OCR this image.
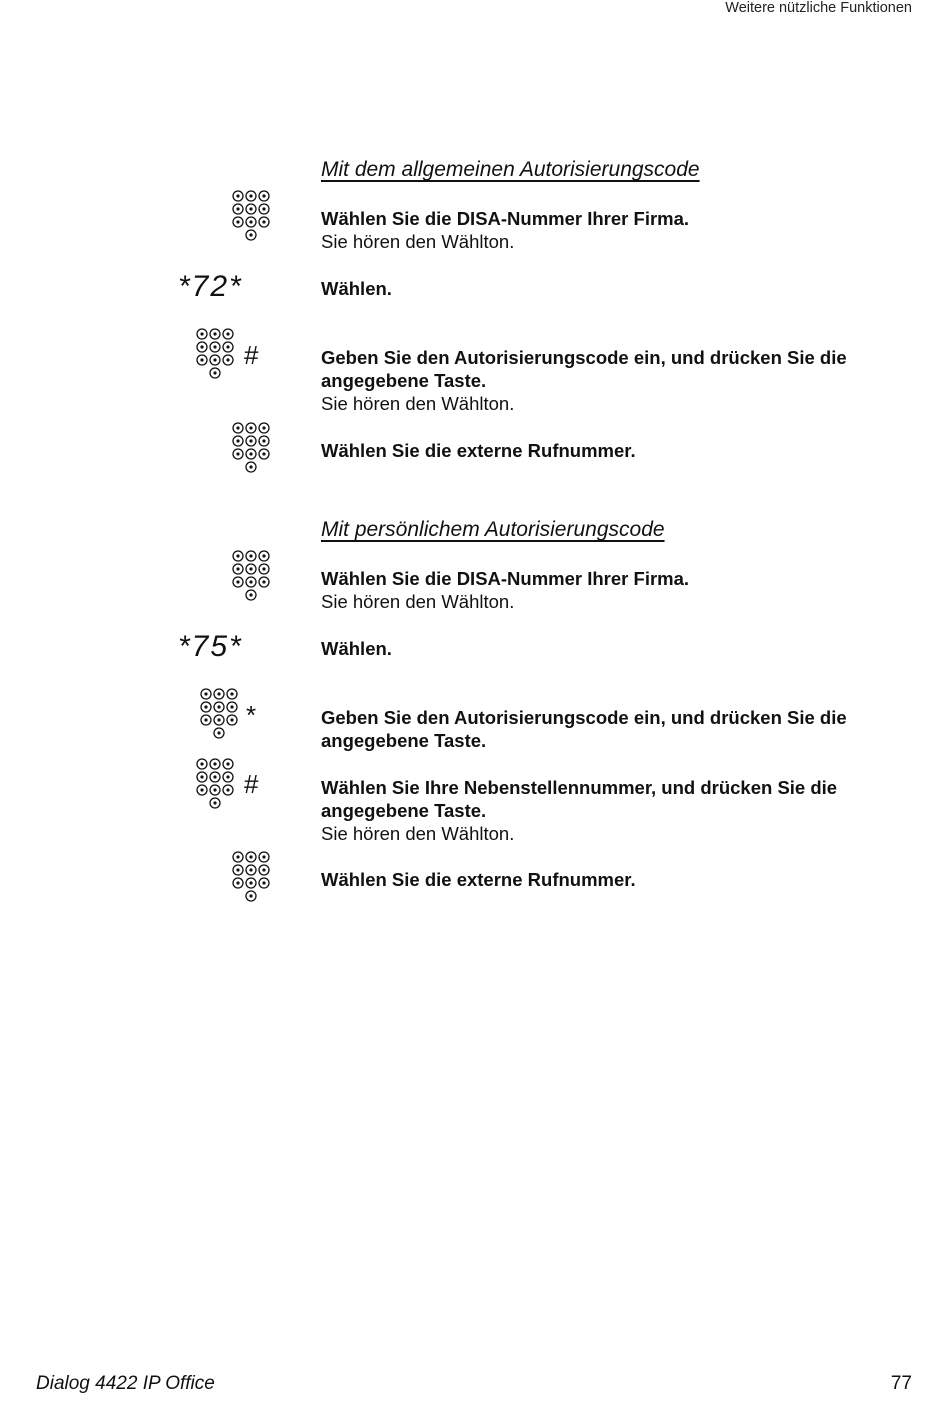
Weitere nützliche Funktionen
Mit dem allgemeinen Autorisierungscode
Wählen Sie die DISA-Nummer Ihrer Firma.
Sie hören den Wählton.
*72*	Wählen.
#	Geben Sie den Autorisierungscode ein, und drücken Sie die angegebene Taste.
Sie hören den Wählton.
Wählen Sie die externe Rufnummer.
Mit persönlichem Autorisierungscode
Wählen Sie die DISA-Nummer Ihrer Firma.
Sie hören den Wählton.
*75*	Wählen.
*	Geben Sie den Autorisierungscode ein, und drücken Sie die angegebene Taste.
#	Wählen Sie Ihre Nebenstellennummer, und drücken Sie die angegebene Taste.
Sie hören den Wählton.
Wählen Sie die externe Rufnummer.
Dialog 4422 IP Office	77
